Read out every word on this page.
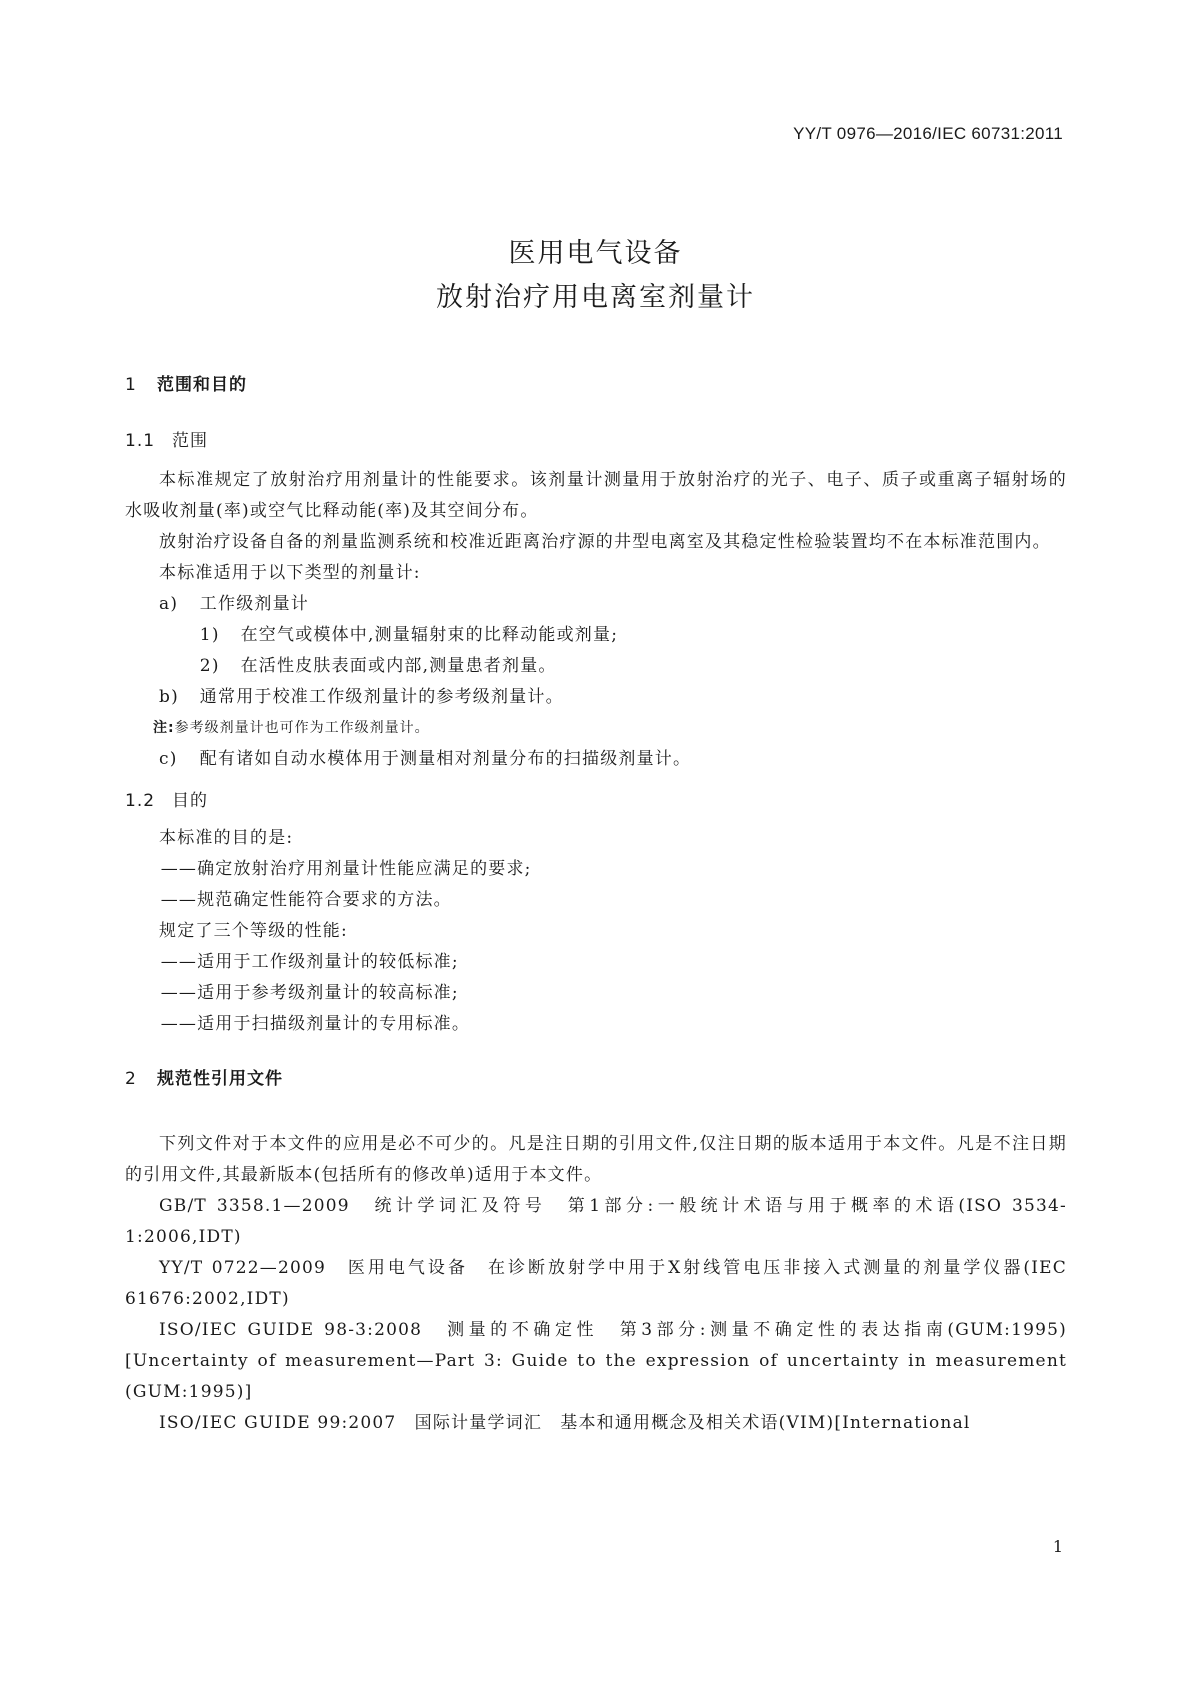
YY/T 0976—2016/IEC 60731:2011
医用电气设备
放射治疗用电离室剂量计
1 范围和目的
1.1 范围

本标准规定了放射治疗用剂量计的性能要求。该剂量计测量用于放射治疗的光子、电子、质子或重离子辐射场的水吸收剂量(率)或空气比释动能(率)及其空间分布。

放射治疗设备自备的剂量监测系统和校准近距离治疗源的井型电离室及其稳定性检验装置均不在本标准范围内。

本标准适用于以下类型的剂量计:

a) 工作级剂量计

1) 在空气或模体中,测量辐射束的比释动能或剂量;

2) 在活性皮肤表面或内部,测量患者剂量。

b) 通常用于校准工作级剂量计的参考级剂量计。

注:参考级剂量计也可作为工作级剂量计。

c) 配有诸如自动水模体用于测量相对剂量分布的扫描级剂量计。

1.2 目的

本标准的目的是:

——确定放射治疗用剂量计性能应满足的要求;

——规范确定性能符合要求的方法。

规定了三个等级的性能:

——适用于工作级剂量计的较低标准;

——适用于参考级剂量计的较高标准;

——适用于扫描级剂量计的专用标准。

2 规范性引用文件

下列文件对于本文件的应用是必不可少的。凡是注日期的引用文件,仅注日期的版本适用于本文件。凡是不注日期的引用文件,其最新版本(包括所有的修改单)适用于本文件。

GB/T 3358.1—2009　统计学词汇及符号　第1部分:一般统计术语与用于概率的术语(ISO 3534-1:2006,IDT)

YY/T 0722—2009　医用电气设备　在诊断放射学中用于X射线管电压非接入式测量的剂量学仪器(IEC 61676:2002,IDT)

ISO/IEC GUIDE 98-3:2008　测量的不确定性　第3部分:测量不确定性的表达指南(GUM:1995)[Uncertainty of measurement—Part 3: Guide to the expression of uncertainty in measurement (GUM:1995)]

ISO/IEC GUIDE 99:2007　国际计量学词汇　基本和通用概念及相关术语(VIM)[International

1
